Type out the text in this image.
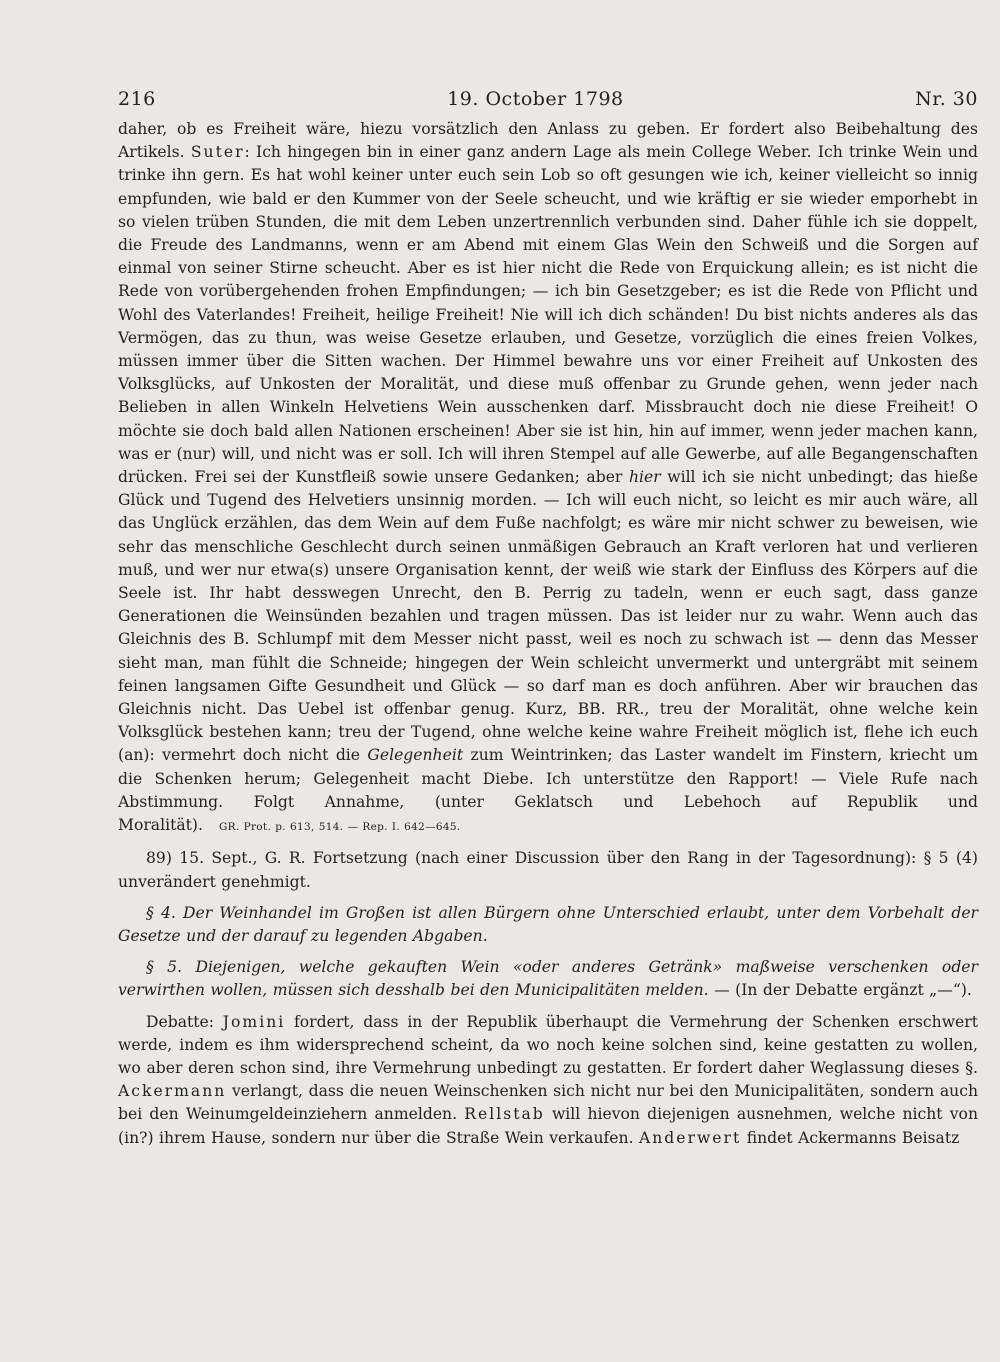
216	19. October 1798	Nr. 30

daher, ob es Freiheit wäre, hiezu vorsätzlich den Anlass zu geben. Er fordert also Beibehaltung des Artikels. Suter: Ich hingegen bin in einer ganz andern Lage als mein College Weber. Ich trinke Wein und trinke ihn gern. Es hat wohl keiner unter euch sein Lob so oft gesungen wie ich, keiner vielleicht so innig empfunden, wie bald er den Kummer von der Seele scheucht, und wie kräftig er sie wieder emporhebt in so vielen trüben Stunden, die mit dem Leben unzertrennlich verbunden sind. Daher fühle ich sie doppelt, die Freude des Landmanns, wenn er am Abend mit einem Glas Wein den Schweiß und die Sorgen auf einmal von seiner Stirne scheucht. Aber es ist hier nicht die Rede von Erquickung allein; es ist nicht die Rede von vorübergehenden frohen Empfindungen; — ich bin Gesetzgeber; es ist die Rede von Pflicht und Wohl des Vaterlandes! Freiheit, heilige Freiheit! Nie will ich dich schänden! Du bist nichts anderes als das Vermögen, das zu thun, was weise Gesetze erlauben, und Gesetze, vorzüglich die eines freien Volkes, müssen immer über die Sitten wachen. Der Himmel bewahre uns vor einer Freiheit auf Unkosten des Volksglücks, auf Unkosten der Moralität, und diese muß offenbar zu Grunde gehen, wenn jeder nach Belieben in allen Winkeln Helvetiens Wein ausschenken darf. Missbraucht doch nie diese Freiheit! O möchte sie doch bald allen Nationen erscheinen! Aber sie ist hin, hin auf immer, wenn jeder machen kann, was er (nur) will, und nicht was er soll. Ich will ihren Stempel auf alle Gewerbe, auf alle Begangenschaften drücken. Frei sei der Kunstfleiß sowie unsere Gedanken; aber hier will ich sie nicht unbedingt; das hieße Glück und Tugend des Helvetiers unsinnig morden. — Ich will euch nicht, so leicht es mir auch wäre, all das Unglück erzählen, das dem Wein auf dem Fuße nachfolgt; es wäre mir nicht schwer zu beweisen, wie sehr das menschliche Geschlecht durch seinen unmäßigen Gebrauch an Kraft verloren hat und verlieren muß, und wer nur etwa(s) unsere Organisation kennt, der weiß wie stark der Einfluss des Körpers auf die Seele ist. Ihr habt desswegen Unrecht, den B. Perrig zu tadeln, wenn er euch sagt, dass ganze Generationen die Weinsünden bezahlen und tragen müssen. Das ist leider nur zu wahr. Wenn auch das Gleichnis des B. Schlumpf mit dem Messer nicht passt, weil es noch zu schwach ist — denn das Messer sieht man, man fühlt die Schneide; hingegen der Wein schleicht unvermerkt und untergräbt mit seinem feinen langsamen Gifte Gesundheit und Glück — so darf man es doch anführen. Aber wir brauchen das Gleichnis nicht. Das Uebel ist offenbar genug. Kurz, BB. RR., treu der Moralität, ohne welche kein Volksglück bestehen kann; treu der Tugend, ohne welche keine wahre Freiheit möglich ist, flehe ich euch (an): vermehrt doch nicht die Gelegenheit zum Weintrinken; das Laster wandelt im Finstern, kriecht um die Schenken herum; Gelegenheit macht Diebe. Ich unterstütze den Rapport! — Viele Rufe nach Abstimmung. Folgt Annahme, (unter Geklatsch und Lebehoch auf Republik und Moralität). GR. Prot. p. 613, 514. — Rep. I. 642—645.

89) 15. Sept., G. R. Fortsetzung (nach einer Discussion über den Rang in der Tagesordnung): § 5 (4) unverändert genehmigt.

§ 4. Der Weinhandel im Großen ist allen Bürgern ohne Unterschied erlaubt, unter dem Vorbehalt der Gesetze und der darauf zu legenden Abgaben.

§ 5. Diejenigen, welche gekauften Wein «oder anderes Getränk» maßweise verschenken oder verwirthen wollen, müssen sich desshalb bei den Municipalitäten melden. — (In der Debatte ergänzt „—“).

Debatte: Jomini fordert, dass in der Republik überhaupt die Vermehrung der Schenken erschwert werde, indem es ihm widersprechend scheint, da wo noch keine solchen sind, keine gestatten zu wollen, wo aber deren schon sind, ihre Vermehrung unbedingt zu gestatten. Er fordert daher Weglassung dieses §. Ackermann verlangt, dass die neuen Weinschenken sich nicht nur bei den Municipalitäten, sondern auch bei den Weinumgeldeinziehern anmelden. Rellstab will hievon diejenigen ausnehmen, welche nicht von (in?) ihrem Hause, sondern nur über die Straße Wein verkaufen. Anderwert findet Ackermanns Beisatz
